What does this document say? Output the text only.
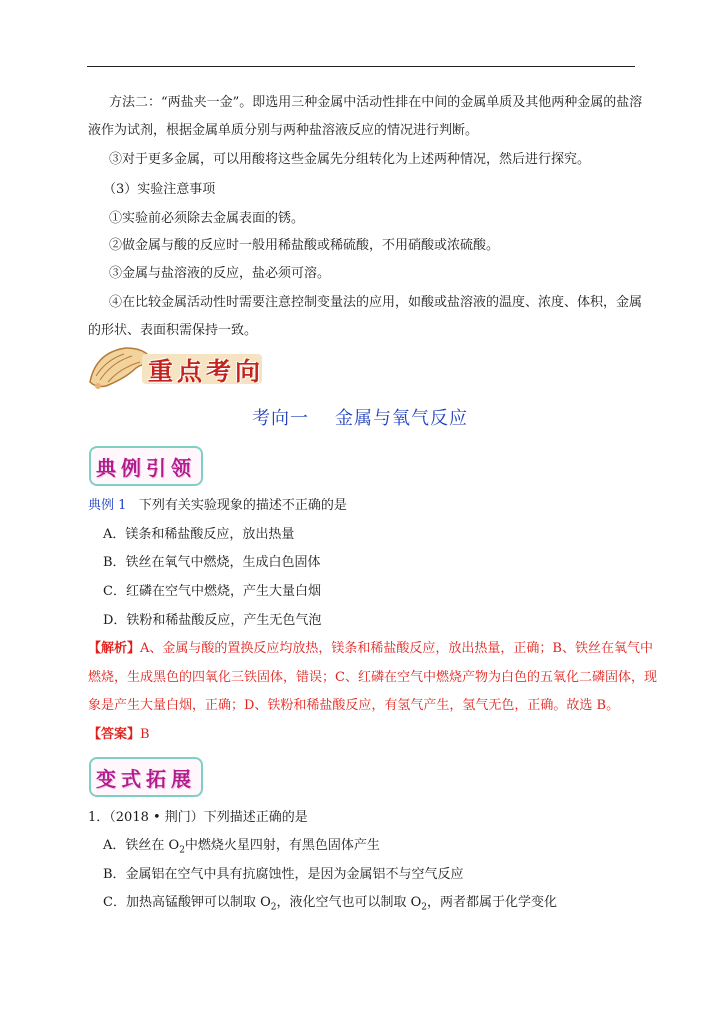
方法二：“两盐夹一金”。即选用三种金属中活动性排在中间的金属单质及其他两种金属的盐溶
液作为试剂，根据金属单质分别与两种盐溶液反应的情况进行判断。
③对于更多金属，可以用酸将这些金属先分组转化为上述两种情况，然后进行探究。
（3）实验注意事项
①实验前必须除去金属表面的锈。
②做金属与酸的反应时一般用稀盐酸或稀硫酸，不用硝酸或浓硫酸。
③金属与盐溶液的反应，盐必须可溶。
④在比较金属活动性时需要注意控制变量法的应用，如酸或盐溶液的温度、浓度、体积，金属
的形状、表面积需保持一致。
重点考向
考向一 金属与氧气反应
典例引领
典例 1 下列有关实验现象的描述不正确的是
A．镁条和稀盐酸反应，放出热量
B．铁丝在氧气中燃烧，生成白色固体
C．红磷在空气中燃烧，产生大量白烟
D．铁粉和稀盐酸反应，产生无色气泡
【解析】A、金属与酸的置换反应均放热，镁条和稀盐酸反应，放出热量，正确；B、铁丝在氧气中
燃烧，生成黑色的四氧化三铁固体，错误；C、红磷在空气中燃烧产物为白色的五氧化二磷固体，现
象是产生大量白烟，正确；D、铁粉和稀盐酸反应，有氢气产生，氢气无色，正确。故选 B。
【答案】B
变式拓展
1．（2018 • 荆门）下列描述正确的是
A．铁丝在 $O_2$中燃烧火星四射，有黑色固体产生
B．金属铝在空气中具有抗腐蚀性，是因为金属铝不与空气反应
C．加热高锰酸钾可以制取 $O_2$，液化空气也可以制取 $O_2$，两者都属于化学变化
